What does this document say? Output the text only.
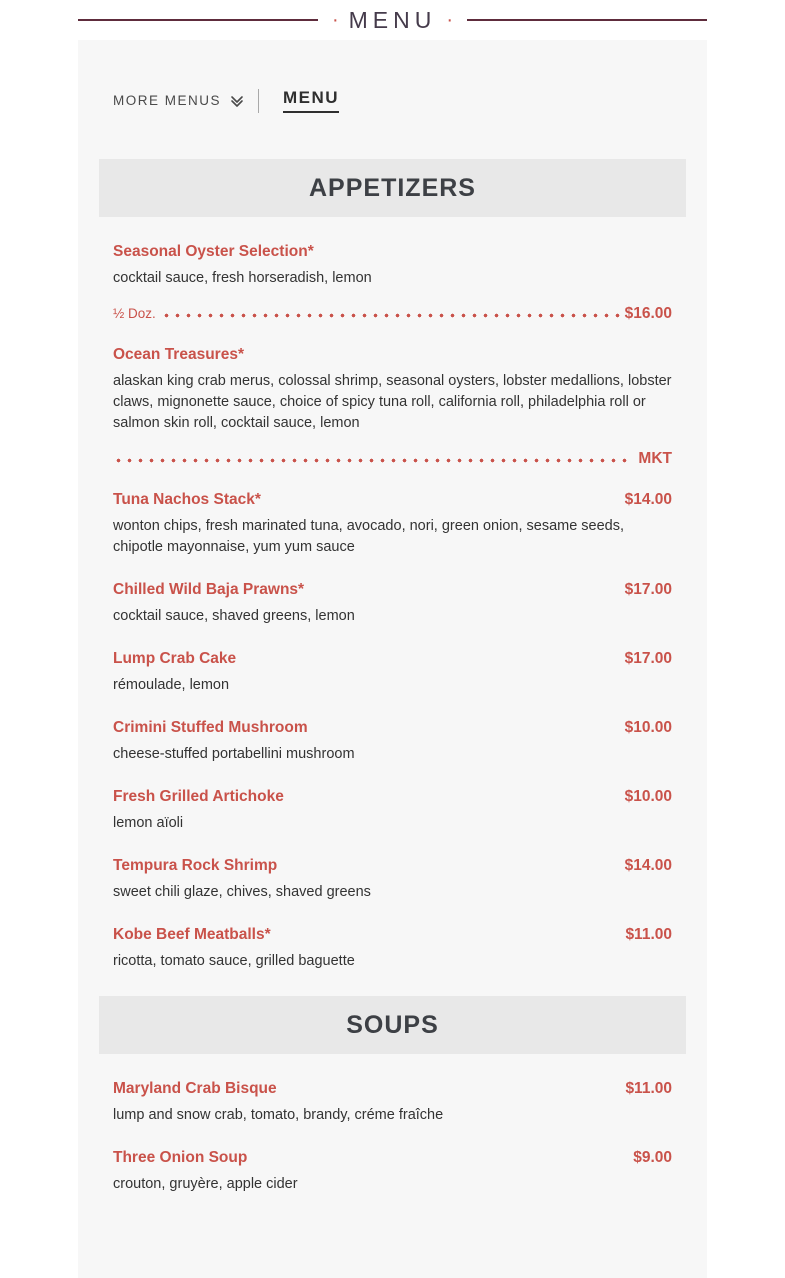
· MENU ·
MORE MENUS	MENU
APPETIZERS
Seasonal Oyster Selection*

cocktail sauce, fresh horseradish, lemon

½ Doz.	$16.00
Ocean Treasures*

alaskan king crab merus, colossal shrimp, seasonal oysters, lobster medallions, lobster claws, mignonette sauce, choice of spicy tuna roll, california roll, philadelphia roll or salmon skin roll, cocktail sauce, lemon

MKT
Tuna Nachos Stack*	$14.00

wonton chips, fresh marinated tuna, avocado, nori, green onion, sesame seeds, chipotle mayonnaise, yum yum sauce

Chilled Wild Baja Prawns*	$17.00

cocktail sauce, shaved greens, lemon

Lump Crab Cake	$17.00

rémoulade, lemon

Crimini Stuffed Mushroom	$10.00

cheese-stuffed portabellini mushroom

Fresh Grilled Artichoke	$10.00

lemon aïoli

Tempura Rock Shrimp	$14.00

sweet chili glaze, chives, shaved greens

Kobe Beef Meatballs*	$11.00

ricotta, tomato sauce, grilled baguette

SOUPS
Maryland Crab Bisque	$11.00

lump and snow crab, tomato, brandy, créme fraîche

Three Onion Soup	$9.00

crouton, gruyère, apple cider
